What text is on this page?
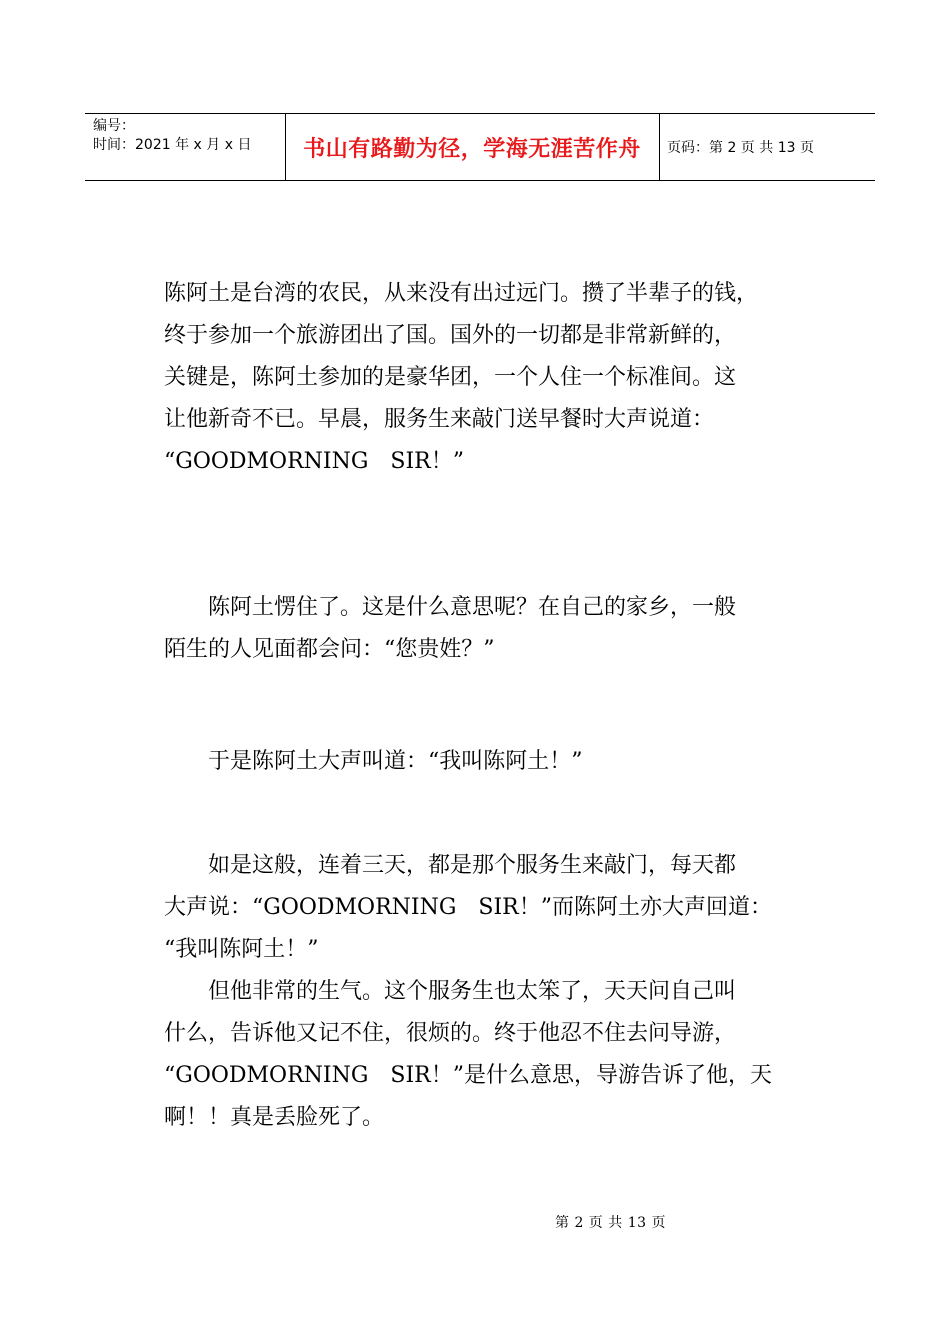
编号：
时间：2021 年 x 月 x 日	书山有路勤为径，学海无涯苦作舟	页码：第 2 页 共 13 页
陈阿土是台湾的农民，从来没有出过远门。攒了半辈子的钱，
终于参加一个旅游团出了国。国外的一切都是非常新鲜的，
关键是，陈阿土参加的是豪华团，一个人住一个标准间。这
让他新奇不已。早晨，服务生来敲门送早餐时大声说道：
“GOODMORNING　SIR！”
　　陈阿土愣住了。这是什么意思呢？在自己的家乡，一般
陌生的人见面都会问：“您贵姓？”
　　于是陈阿土大声叫道：“我叫陈阿土！”
　　如是这般，连着三天，都是那个服务生来敲门，每天都
大声说：“GOODMORNING　SIR！”而陈阿土亦大声回道：
“我叫陈阿土！”
　　但他非常的生气。这个服务生也太笨了，天天问自己叫
什么，告诉他又记不住，很烦的。终于他忍不住去问导游，
“GOODMORNING　SIR！”是什么意思，导游告诉了他，天
啊！！真是丢脸死了。
第 2 页 共 13 页
